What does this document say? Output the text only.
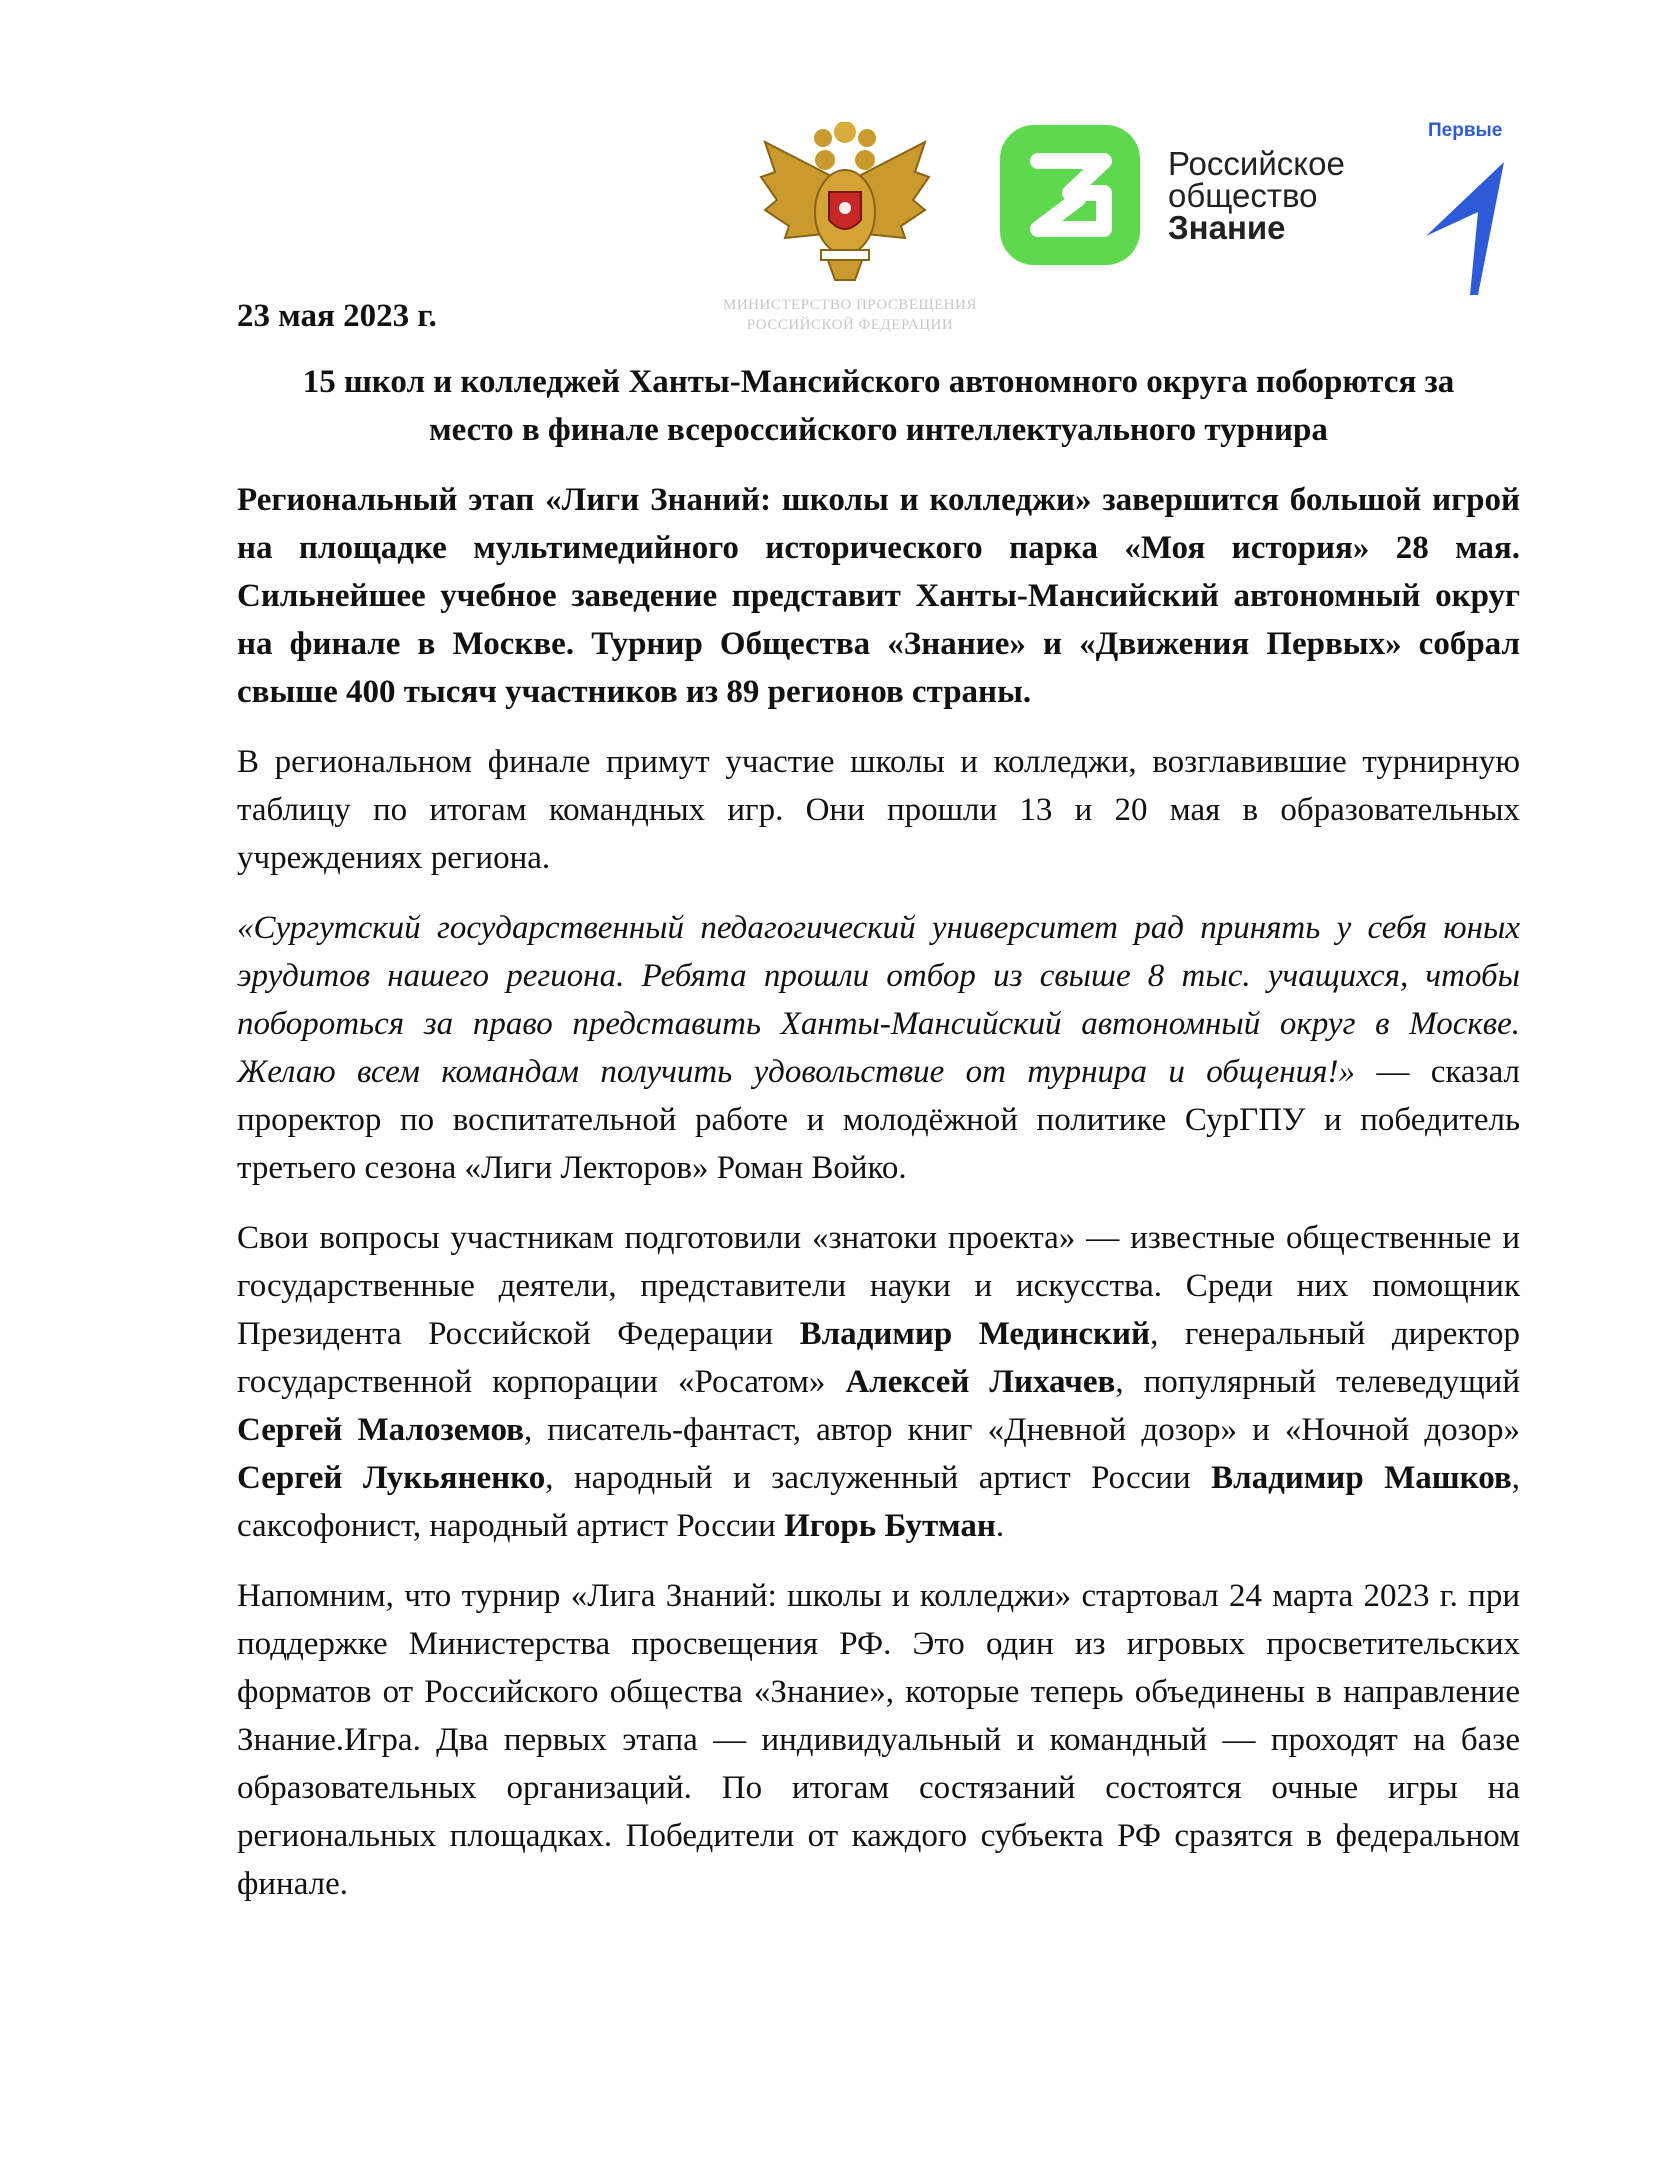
МИНИСТЕРСТВО ПРОСВЕЩЕНИЯ
РОССИЙСКОЙ ФЕДЕРАЦИИ
Российское
общество
Знание
Первые

23 мая 2023 г.

15 школ и колледжей Ханты-Мансийского автономного округа поборются за место в финале всероссийского интеллектуального турнира

Региональный этап «Лиги Знаний: школы и колледжи» завершится большой игрой на площадке мультимедийного исторического парка «Моя история» 28 мая. Сильнейшее учебное заведение представит Ханты-Мансийский автономный округ на финале в Москве. Турнир Общества «Знание» и «Движения Первых» собрал свыше 400 тысяч участников из 89 регионов страны.

В региональном финале примут участие школы и колледжи, возглавившие турнирную таблицу по итогам командных игр. Они прошли 13 и 20 мая в образовательных учреждениях региона.

«Сургутский государственный педагогический университет рад принять у себя юных эрудитов нашего региона. Ребята прошли отбор из свыше 8 тыс. учащихся, чтобы побороться за право представить Ханты-Мансийский автономный округ в Москве. Желаю всем командам получить удовольствие от турнира и общения!» — сказал проректор по воспитательной работе и молодёжной политике СурГПУ и победитель третьего сезона «Лиги Лекторов» Роман Войко.

Свои вопросы участникам подготовили «знатоки проекта» — известные общественные и государственные деятели, представители науки и искусства. Среди них помощник Президента Российской Федерации Владимир Мединский, генеральный директор государственной корпорации «Росатом» Алексей Лихачев, популярный телеведущий Сергей Малоземов, писатель-фантаст, автор книг «Дневной дозор» и «Ночной дозор» Сергей Лукьяненко, народный и заслуженный артист России Владимир Машков, саксофонист, народный артист России Игорь Бутман.

Напомним, что турнир «Лига Знаний: школы и колледжи» стартовал 24 марта 2023 г. при поддержке Министерства просвещения РФ. Это один из игровых просветительских форматов от Российского общества «Знание», которые теперь объединены в направление Знание.Игра. Два первых этапа — индивидуальный и командный — проходят на базе образовательных организаций. По итогам состязаний состоятся очные игры на региональных площадках. Победители от каждого субъекта РФ сразятся в федеральном финале.
